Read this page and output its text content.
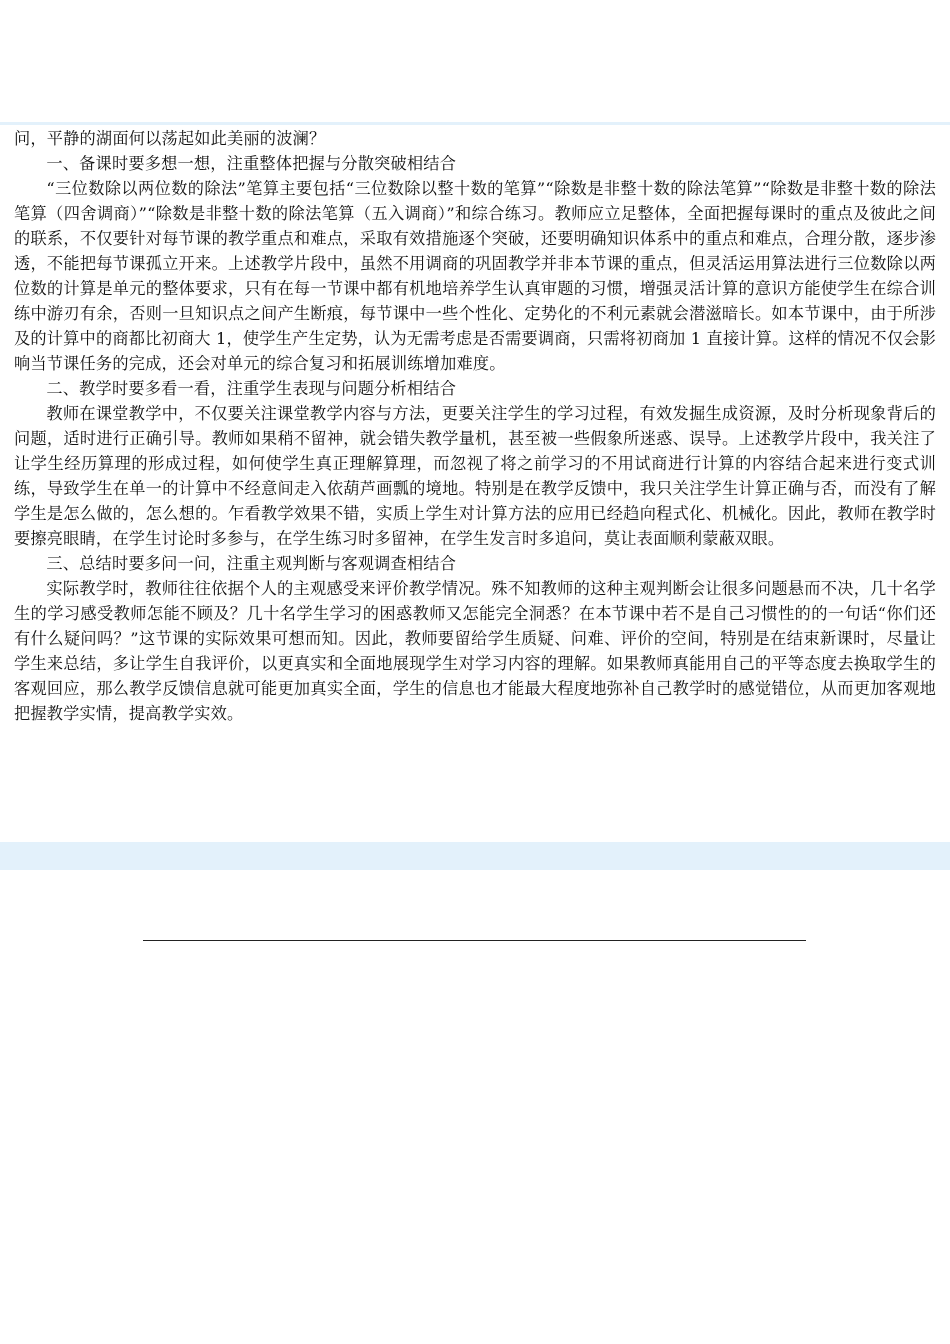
问，平静的湖面何以荡起如此美丽的波澜？

一、备课时要多想一想，注重整体把握与分散突破相结合

“三位数除以两位数的除法”笔算主要包括“三位数除以整十数的笔算”“除数是非整十数的除法笔算”“除数是非整十数的除法笔算（四舍调商）”“除数是非整十数的除法笔算（五入调商）”和综合练习。教师应立足整体，全面把握每课时的重点及彼此之间的联系，不仅要针对每节课的教学重点和难点，采取有效措施逐个突破，还要明确知识体系中的重点和难点，合理分散，逐步渗透，不能把每节课孤立开来。上述教学片段中，虽然不用调商的巩固教学并非本节课的重点，但灵活运用算法进行三位数除以两位数的计算是单元的整体要求，只有在每一节课中都有机地培养学生认真审题的习惯，增强灵活计算的意识方能使学生在综合训练中游刃有余，否则一旦知识点之间产生断痕，每节课中一些个性化、定势化的不利元素就会潜滋暗长。如本节课中，由于所涉及的计算中的商都比初商大 1，使学生产生定势，认为无需考虑是否需要调商，只需将初商加 1 直接计算。这样的情况不仅会影响当节课任务的完成，还会对单元的综合复习和拓展训练增加难度。

二、教学时要多看一看，注重学生表现与问题分析相结合

教师在课堂教学中，不仅要关注课堂教学内容与方法，更要关注学生的学习过程，有效发掘生成资源，及时分析现象背后的问题，适时进行正确引导。教师如果稍不留神，就会错失教学量机，甚至被一些假象所迷惑、误导。上述教学片段中，我关注了让学生经历算理的形成过程，如何使学生真正理解算理，而忽视了将之前学习的不用试商进行计算的内容结合起来进行变式训练，导致学生在单一的计算中不经意间走入依葫芦画瓢的境地。特别是在教学反馈中，我只关注学生计算正确与否，而没有了解学生是怎么做的，怎么想的。乍看教学效果不错，实质上学生对计算方法的应用已经趋向程式化、机械化。因此，教师在教学时要擦亮眼睛，在学生讨论时多参与，在学生练习时多留神，在学生发言时多追问，莫让表面顺利蒙蔽双眼。

三、总结时要多问一问，注重主观判断与客观调查相结合

实际教学时，教师往往依据个人的主观感受来评价教学情况。殊不知教师的这种主观判断会让很多问题悬而不决，几十名学生的学习感受教师怎能不顾及？几十名学生学习的困惑教师又怎能完全洞悉？在本节课中若不是自己习惯性的的一句话“你们还有什么疑问吗？”这节课的实际效果可想而知。因此，教师要留给学生质疑、问难、评价的空间，特别是在结束新课时，尽量让学生来总结，多让学生自我评价，以更真实和全面地展现学生对学习内容的理解。如果教师真能用自己的平等态度去换取学生的客观回应，那么教学反馈信息就可能更加真实全面，学生的信息也才能最大程度地弥补自己教学时的感觉错位，从而更加客观地把握教学实情，提高教学实效。
